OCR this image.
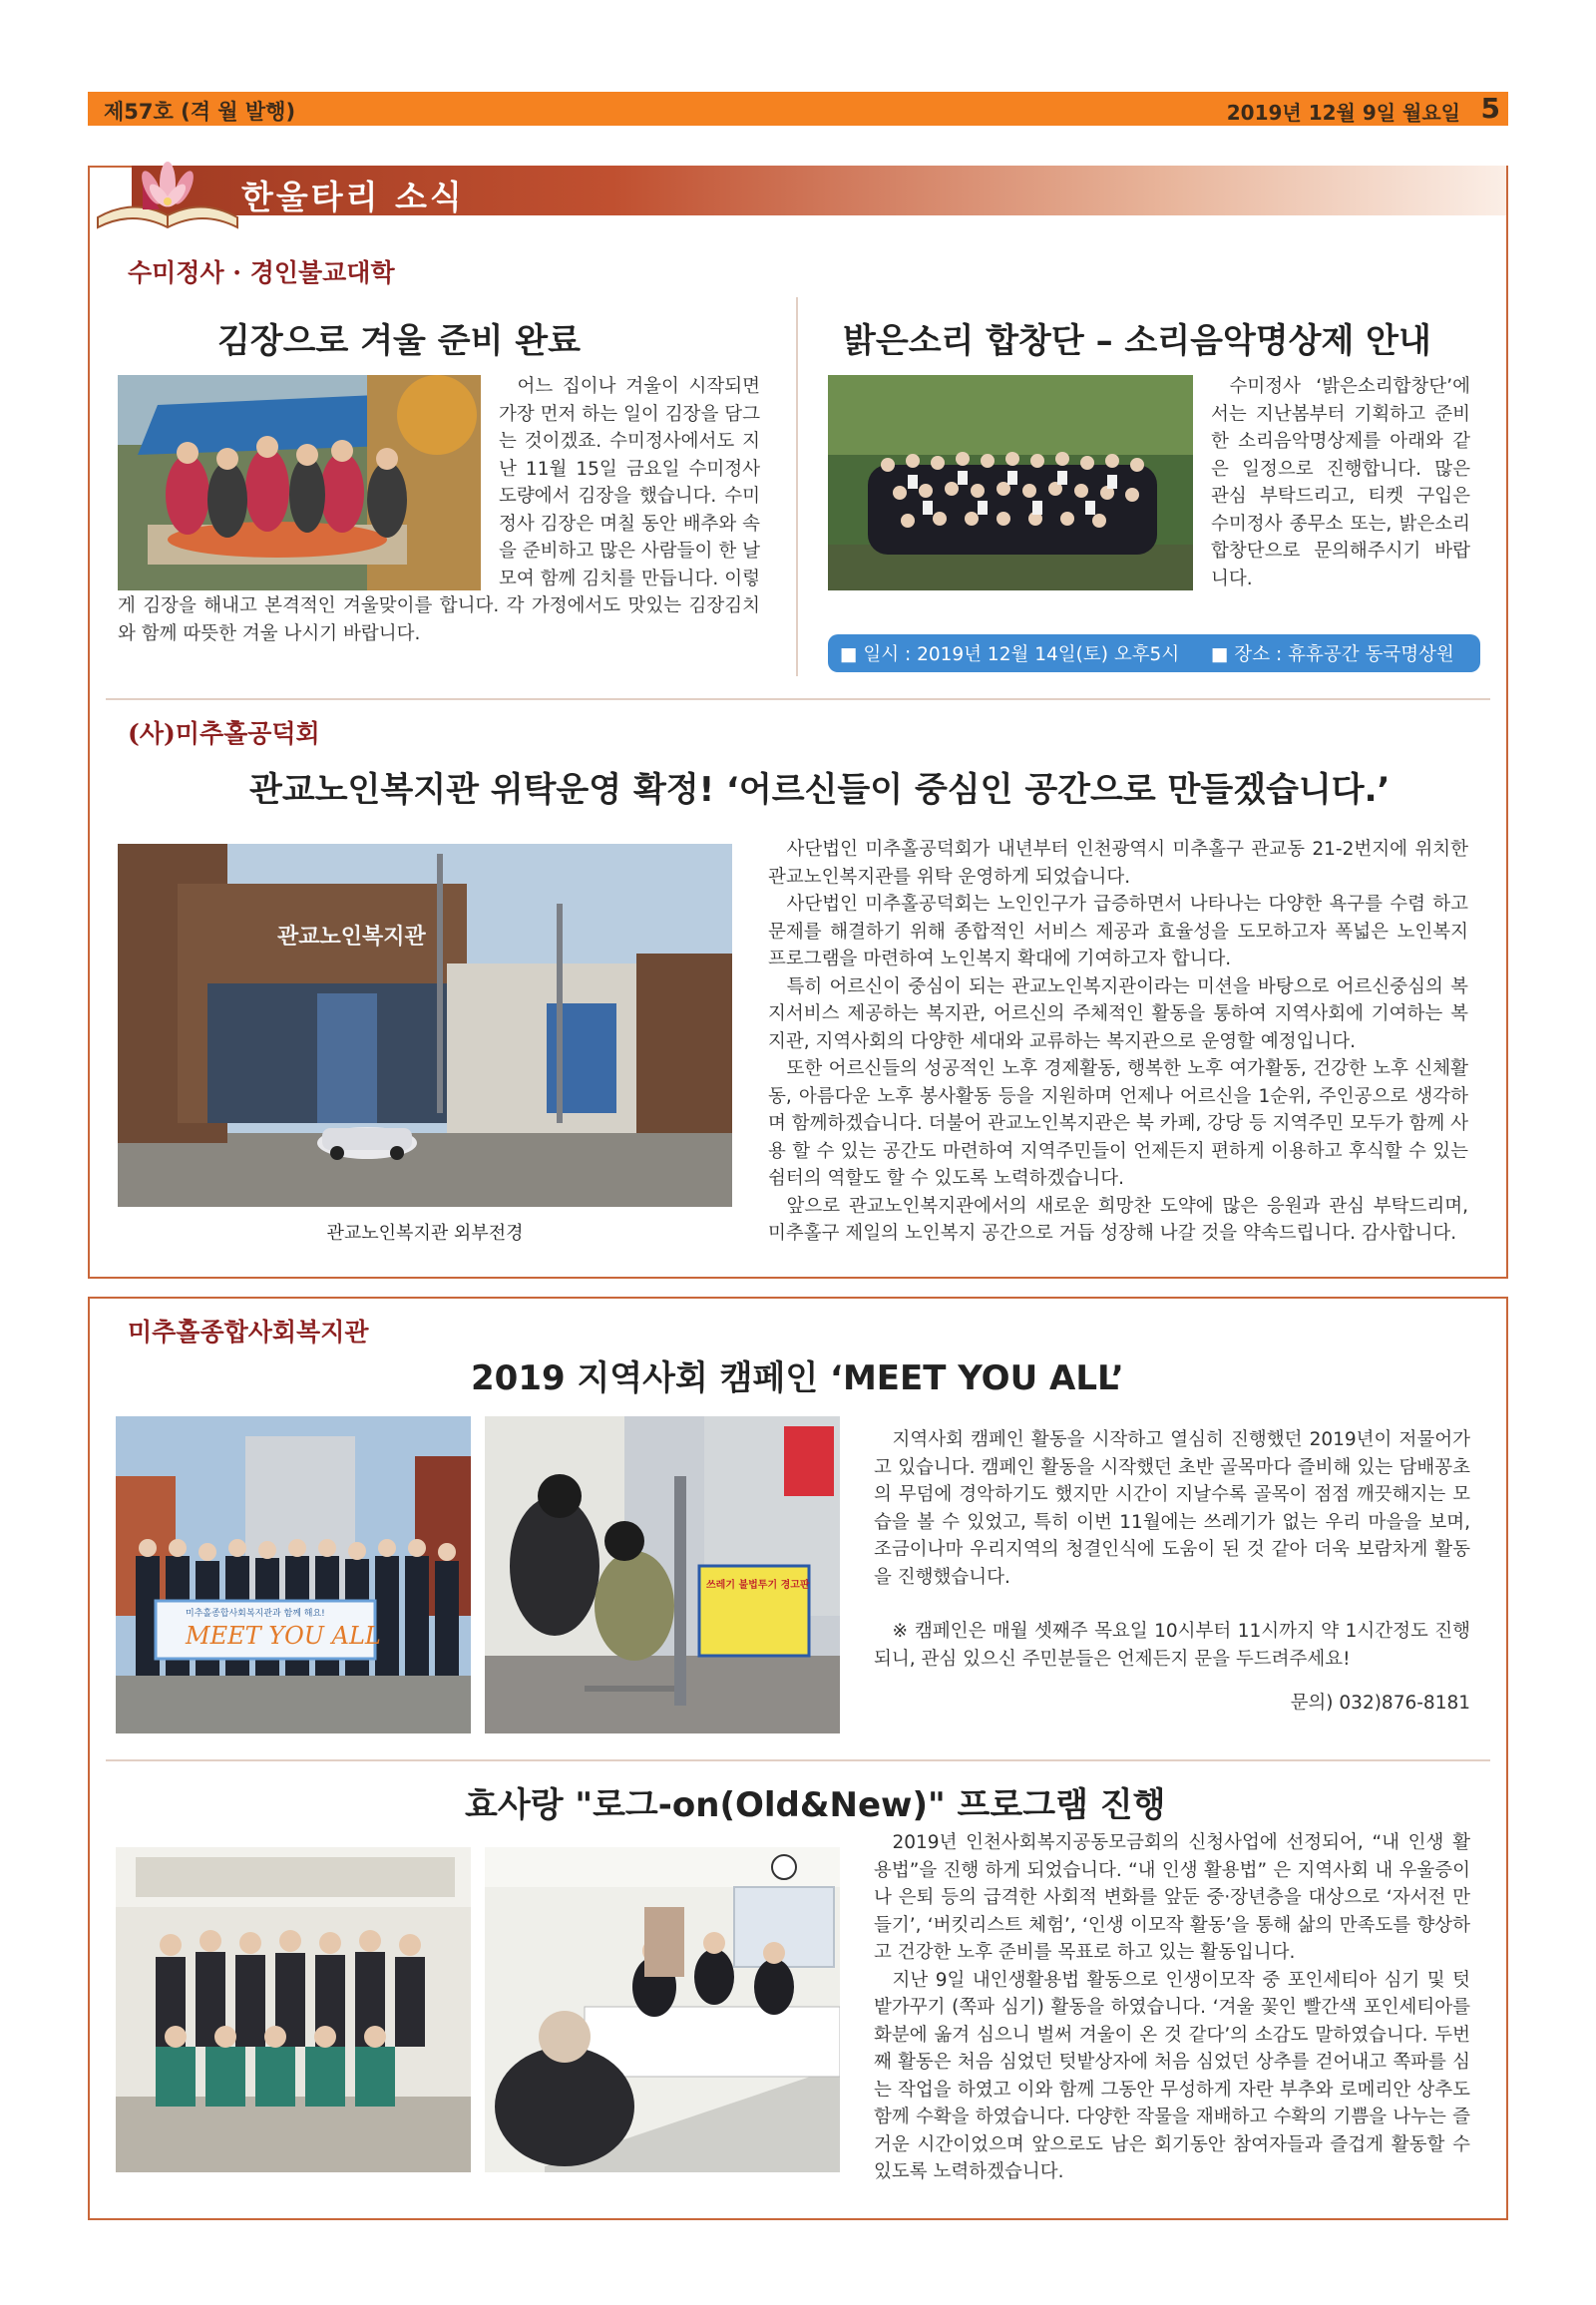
제57호 (격 월 발행)	2019년 12월 9일 월요일 5
한울타리 소식
수미정사 · 경인불교대학
김장으로 겨울 준비 완료
어느 집이나 겨울이 시작되면 가장 먼저 하는 일이 김장을 담그는 것이겠죠. 수미정사에서도 지난 11월 15일 금요일 수미정사 도량에서 김장을 했습니다. 수미정사 김장은 며칠 동안 배추와 속을 준비하고 많은 사람들이 한 날 모여 함께 김치를 만듭니다. 이렇게 김장을 해내고 본격적인 겨울맞이를 합니다. 각 가정에서도 맛있는 김장김치와 함께 따뜻한 겨울 나시기 바랍니다.
밝은소리 합창단 – 소리음악명상제 안내
수미정사 ‘밝은소리합창단’에서는 지난봄부터 기획하고 준비한 소리음악명상제를 아래와 같은 일정으로 진행합니다. 많은 관심 부탁드리고, 티켓 구입은 수미정사 종무소 또는, 밝은소리합창단으로 문의해주시기 바랍니다.
■ 일시 : 2019년 12월 14일(토) 오후5시 ■ 장소 : 휴휴공간 동국명상원
(사)미추홀공덕회
관교노인복지관 위탁운영 확정! ‘어르신들이 중심인 공간으로 만들겠습니다.’
관교노인복지관
관교노인복지관 외부전경

사단법인 미추홀공덕회가 내년부터 인천광역시 미추홀구 관교동 21-2번지에 위치한 관교노인복지관를 위탁 운영하게 되었습니다.

사단법인 미추홀공덕회는 노인인구가 급증하면서 나타나는 다양한 욕구를 수렴 하고 문제를 해결하기 위해 종합적인 서비스 제공과 효율성을 도모하고자 폭넓은 노인복지 프로그램을 마련하여 노인복지 확대에 기여하고자 합니다.

특히 어르신이 중심이 되는 관교노인복지관이라는 미션을 바탕으로 어르신중심의 복지서비스 제공하는 복지관, 어르신의 주체적인 활동을 통하여 지역사회에 기여하는 복지관, 지역사회의 다양한 세대와 교류하는 복지관으로 운영할 예정입니다.

또한 어르신들의 성공적인 노후 경제활동, 행복한 노후 여가활동, 건강한 노후 신체활동, 아름다운 노후 봉사활동 등을 지원하며 언제나 어르신을 1순위, 주인공으로 생각하며 함께하겠습니다. 더불어 관교노인복지관은 북 카페, 강당 등 지역주민 모두가 함께 사용 할 수 있는 공간도 마련하여 지역주민들이 언제든지 편하게 이용하고 후식할 수 있는 쉼터의 역할도 할 수 있도록 노력하겠습니다.

앞으로 관교노인복지관에서의 새로운 희망찬 도약에 많은 응원과 관심 부탁드리며, 미추홀구 제일의 노인복지 공간으로 거듭 성장해 나갈 것을 약속드립니다. 감사합니다.

미추홀종합사회복지관
2019 지역사회 캠페인 ‘MEET YOU ALL’
미추홀종합사회복지관과 함께 해요!
MEET YOU ALL
쓰레기 불법투기 경고판

지역사회 캠페인 활동을 시작하고 열심히 진행했던 2019년이 저물어가고 있습니다. 캠페인 활동을 시작했던 초반 골목마다 즐비해 있는 담배꽁초의 무덤에 경악하기도 했지만 시간이 지날수록 골목이 점점 깨끗해지는 모습을 볼 수 있었고, 특히 이번 11월에는 쓰레기가 없는 우리 마을을 보며, 조금이나마 우리지역의 청결인식에 도움이 된 것 같아 더욱 보람차게 활동을 진행했습니다.

※ 캠페인은 매월 셋째주 목요일 10시부터 11시까지 약 1시간정도 진행되니, 관심 있으신 주민분들은 언제든지 문을 두드려주세요!

문의) 032)876-8181

효사랑 "로그-on(Old&New)" 프로그램 진행

2019년 인천사회복지공동모금회의 신청사업에 선정되어, “내 인생 활용법”을 진행 하게 되었습니다. “내 인생 활용법” 은 지역사회 내 우울증이나 은퇴 등의 급격한 사회적 변화를 앞둔 중·장년층을 대상으로 ‘자서전 만들기’, ‘버킷리스트 체험’, ‘인생 이모작 활동’을 통해 삶의 만족도를 향상하고 건강한 노후 준비를 목표로 하고 있는 활동입니다.

지난 9일 내인생활용법 활동으로 인생이모작 중 포인세티아 심기 및 텃밭가꾸기 (쪽파 심기) 활동을 하였습니다. ‘겨울 꽃인 빨간색 포인세티아를 화분에 옮겨 심으니 벌써 겨울이 온 것 같다’의 소감도 말하였습니다. 두번째 활동은 처음 심었던 텃밭상자에 처음 심었던 상추를 걷어내고 쪽파를 심는 작업을 하였고 이와 함께 그동안 무성하게 자란 부추와 로메리안 상추도 함께 수확을 하였습니다. 다양한 작물을 재배하고 수확의 기쁨을 나누는 즐거운 시간이었으며 앞으로도 남은 회기동안 참여자들과 즐겁게 활동할 수 있도록 노력하겠습니다.
